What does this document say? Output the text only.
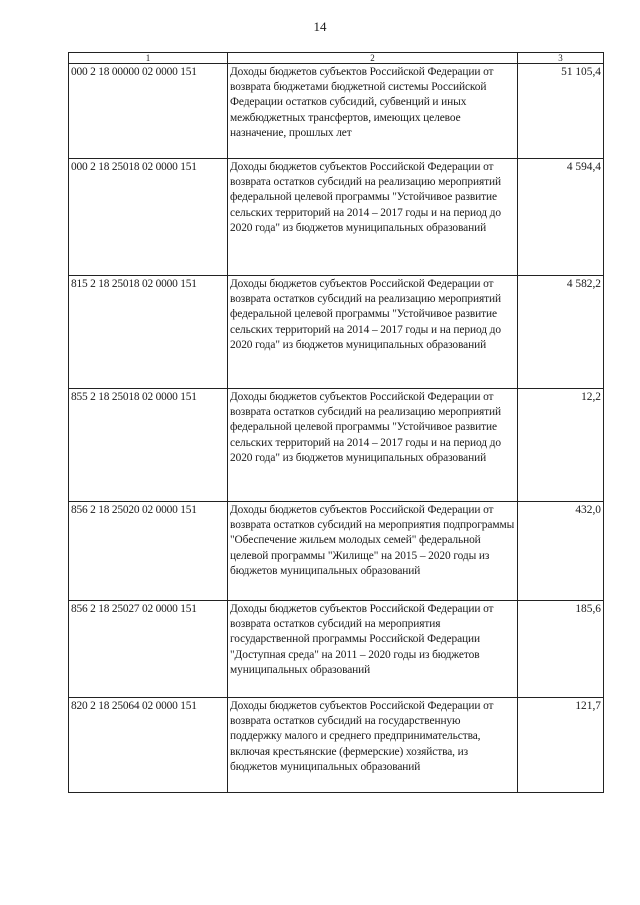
14
1	2	3
000 2 18 00000 02 0000 151	Доходы бюджетов субъектов Российской Федерации от возврата бюджетами бюджетной системы Российской Федерации остатков субсидий, субвенций и иных межбюджетных трансфертов, имеющих целевое назначение, прошлых лет	51 105,4
000 2 18 25018 02 0000 151	Доходы бюджетов субъектов Российской Федерации от возврата остатков субсидий на реализацию мероприятий федеральной целевой программы "Устойчивое развитие сельских территорий на 2014 – 2017 годы и на период до 2020 года" из бюджетов муниципальных образований	4 594,4
815 2 18 25018 02 0000 151	Доходы бюджетов субъектов Российской Федерации от возврата остатков субсидий на реализацию мероприятий федеральной целевой программы "Устойчивое развитие сельских территорий на 2014 – 2017 годы и на период до 2020 года" из бюджетов муниципальных образований	4 582,2
855 2 18 25018 02 0000 151	Доходы бюджетов субъектов Российской Федерации от возврата остатков субсидий на реализацию мероприятий федеральной целевой программы "Устойчивое развитие сельских территорий на 2014 – 2017 годы и на период до 2020 года" из бюджетов муниципальных образований	12,2
856 2 18 25020 02 0000 151	Доходы бюджетов субъектов Российской Федерации от возврата остатков субсидий на мероприятия подпрограммы "Обеспечение жильем молодых семей" федеральной целевой программы "Жилище" на 2015 – 2020 годы из бюджетов муниципальных образований	432,0
856 2 18 25027 02 0000 151	Доходы бюджетов субъектов Российской Федерации от возврата остатков субсидий на мероприятия государственной программы Российской Федерации "Доступная среда" на 2011 – 2020 годы из бюджетов муниципальных образований	185,6
820 2 18 25064 02 0000 151	Доходы бюджетов субъектов Российской Федерации от возврата остатков субсидий на государственную поддержку малого и среднего предпринимательства, включая крестьянские (фермерские) хозяйства, из бюджетов муниципальных образований	121,7
